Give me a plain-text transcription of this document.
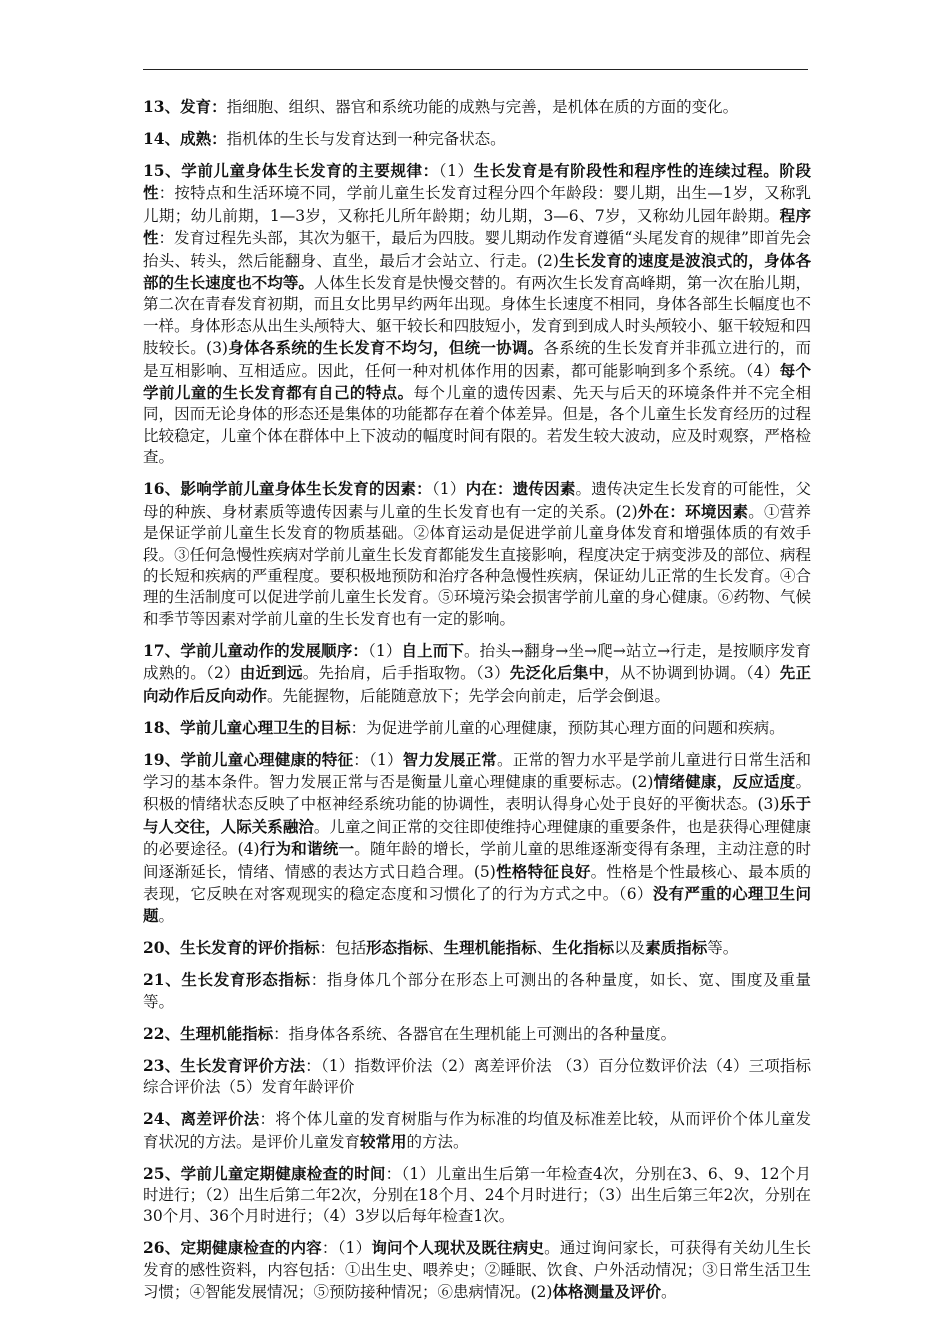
13、发育：指细胞、组织、器官和系统功能的成熟与完善，是机体在质的方面的变化。

14、成熟：指机体的生长与发育达到一种完备状态。

15、学前儿童身体生长发育的主要规律：（1）生长发育是有阶段性和程序性的连续过程。阶段性：按特点和生活环境不同，学前儿童生长发育过程分四个年龄段：婴儿期，出生—1岁，又称乳儿期；幼儿前期，1—3岁，又称托儿所年龄期；幼儿期，3—6、7岁，又称幼儿园年龄期。程序性：发育过程先头部，其次为躯干，最后为四肢。婴儿期动作发育遵循“头尾发育的规律”即首先会抬头、转头，然后能翻身、直坐，最后才会站立、行走。(2)生长发育的速度是波浪式的，身体各部的生长速度也不均等。人体生长发育是快慢交替的。有两次生长发育高峰期，第一次在胎儿期，第二次在青春发育初期，而且女比男早约两年出现。身体生长速度不相同，身体各部生长幅度也不一样。身体形态从出生头颅特大、躯干较长和四肢短小，发育到到成人时头颅较小、躯干较短和四肢较长。(3)身体各系统的生长发育不均匀，但统一协调。各系统的生长发育并非孤立进行的，而是互相影响、互相适应。因此，任何一种对机体作用的因素，都可能影响到多个系统。（4）每个学前儿童的生长发育都有自己的特点。每个儿童的遗传因素、先天与后天的环境条件并不完全相同，因而无论身体的形态还是集体的功能都存在着个体差异。但是，各个儿童生长发育经历的过程比较稳定，儿童个体在群体中上下波动的幅度时间有限的。若发生较大波动，应及时观察，严格检查。

16、影响学前儿童身体生长发育的因素：（1）内在：遗传因素。遗传决定生长发育的可能性，父母的种族、身材素质等遗传因素与儿童的生长发育也有一定的关系。(2)外在：环境因素。①营养是保证学前儿童生长发育的物质基础。②体育运动是促进学前儿童身体发育和增强体质的有效手段。③任何急慢性疾病对学前儿童生长发育都能发生直接影响，程度决定于病变涉及的部位、病程的长短和疾病的严重程度。要积极地预防和治疗各种急慢性疾病，保证幼儿正常的生长发育。④合理的生活制度可以促进学前儿童生长发育。⑤环境污染会损害学前儿童的身心健康。⑥药物、气候和季节等因素对学前儿童的生长发育也有一定的影响。

17、学前儿童动作的发展顺序：（1）自上而下。抬头→翻身→坐→爬→站立→行走，是按顺序发育成熟的。（2）由近到远。先抬肩，后手指取物。（3）先泛化后集中，从不协调到协调。（4）先正向动作后反向动作。先能握物，后能随意放下；先学会向前走，后学会倒退。

18、学前儿童心理卫生的目标：为促进学前儿童的心理健康，预防其心理方面的问题和疾病。

19、学前儿童心理健康的特征：（1）智力发展正常。正常的智力水平是学前儿童进行日常生活和学习的基本条件。智力发展正常与否是衡量儿童心理健康的重要标志。(2)情绪健康，反应适度。积极的情绪状态反映了中枢神经系统功能的协调性，表明认得身心处于良好的平衡状态。(3)乐于与人交往，人际关系融洽。儿童之间正常的交往即使维持心理健康的重要条件，也是获得心理健康的必要途径。(4)行为和谐统一。随年龄的增长，学前儿童的思维逐渐变得有条理，主动注意的时间逐渐延长，情绪、情感的表达方式日趋合理。(5)性格特征良好。性格是个性最核心、最本质的表现，它反映在对客观现实的稳定态度和习惯化了的行为方式之中。（6）没有严重的心理卫生问题。

20、生长发育的评价指标：包括形态指标、生理机能指标、生化指标以及素质指标等。

21、生长发育形态指标：指身体几个部分在形态上可测出的各种量度，如长、宽、围度及重量等。

22、生理机能指标：指身体各系统、各器官在生理机能上可测出的各种量度。

23、生长发育评价方法：（1）指数评价法（2）离差评价法 （3）百分位数评价法（4）三项指标综合评价法（5）发育年龄评价

24、离差评价法：将个体儿童的发育树脂与作为标准的均值及标准差比较，从而评价个体儿童发育状况的方法。是评价儿童发育较常用的方法。

25、学前儿童定期健康检查的时间：（1）儿童出生后第一年检查4次，分别在3、6、9、12个月时进行；（2）出生后第二年2次，分别在18个月、24个月时进行；（3）出生后第三年2次，分别在30个月、36个月时进行；（4）3岁以后每年检查1次。

26、定期健康检查的内容：（1）询问个人现状及既往病史。通过询问家长，可获得有关幼儿生长发育的感性资料，内容包括：①出生史、喂养史；②睡眠、饮食、户外活动情况；③日常生活卫生习惯；④智能发展情况；⑤预防接种情况；⑥患病情况。(2)体格测量及评价。
